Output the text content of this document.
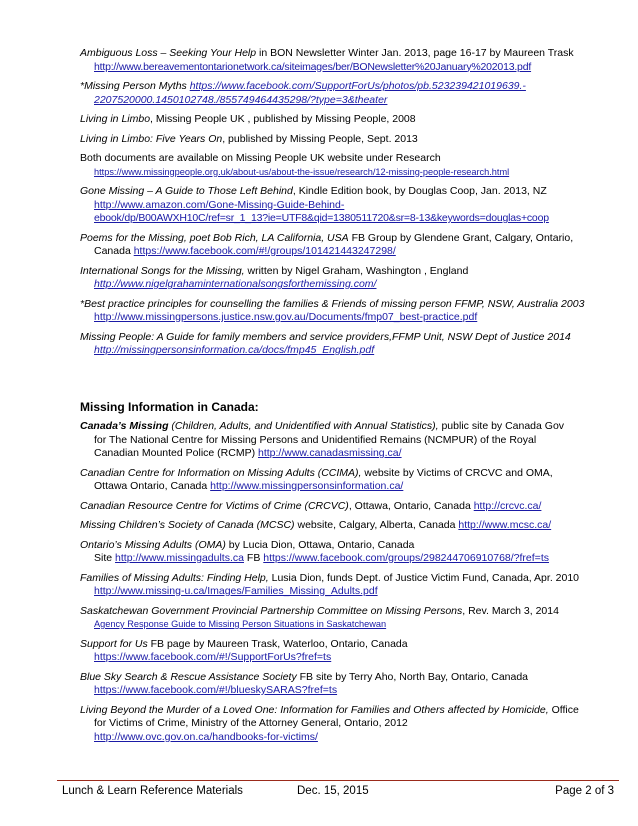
Ambiguous Loss – Seeking Your Help in BON Newsletter Winter Jan. 2013, page 16-17 by Maureen Trask
http://www.bereavementontarionetwork.ca/siteimages/ber/BONewsletter%20January%202013.pdf
*Missing Person Myths https://www.facebook.com/SupportForUs/photos/pb.523239421019639.-
2207520000.1450102748./855749464435298/?type=3&theater
Living in Limbo, Missing People UK , published by Missing People, 2008
Living in Limbo: Five Years On, published by Missing People, Sept. 2013
Both documents are available on Missing People UK website under Research
https://www.missingpeople.org.uk/about-us/about-the-issue/research/12-missing-people-research.html
Gone Missing – A Guide to Those Left Behind, Kindle Edition book, by Douglas Coop, Jan. 2013, NZ
http://www.amazon.com/Gone-Missing-Guide-Behind-
ebook/dp/B00AWXH10C/ref=sr_1_13?ie=UTF8&qid=1380511720&sr=8-13&keywords=douglas+coop
Poems for the Missing, poet Bob Rich, LA California, USA FB Group by Glendene Grant, Calgary, Ontario,
Canada https://www.facebook.com/#!/groups/101421443247298/
International Songs for the Missing, written by Nigel Graham, Washington , England
http://www.nigelgrahaminternationalsongsforthemissing.com/
*Best practice principles for counselling the families & Friends of missing person FFMP, NSW, Australia 2003
http://www.missingpersons.justice.nsw.gov.au/Documents/fmp07_best-practice.pdf
Missing People: A Guide for family members and service providers,FFMP Unit, NSW Dept of Justice 2014
http://missingpersonsinformation.ca/docs/fmp45_English.pdf
Missing Information in Canada:
Canada’s Missing (Children, Adults, and Unidentified with Annual Statistics), public site by Canada Gov
for The National Centre for Missing Persons and Unidentified Remains (NCMPUR) of the Royal
Canadian Mounted Police (RCMP) http://www.canadasmissing.ca/
Canadian Centre for Information on Missing Adults (CCIMA), website by Victims of CRCVC and OMA,
Ottawa Ontario, Canada http://www.missingpersonsinformation.ca/
Canadian Resource Centre for Victims of Crime (CRCVC), Ottawa, Ontario, Canada http://crcvc.ca/
Missing Children’s Society of Canada (MCSC) website, Calgary, Alberta, Canada http://www.mcsc.ca/
Ontario’s Missing Adults (OMA) by Lucia Dion, Ottawa, Ontario, Canada
Site http://www.missingadults.ca FB https://www.facebook.com/groups/298244706910768/?fref=ts
Families of Missing Adults: Finding Help, Lusia Dion, funds Dept. of Justice Victim Fund, Canada, Apr. 2010
http://www.missing-u.ca/Images/Families_Missing_Adults.pdf
Saskatchewan Government Provincial Partnership Committee on Missing Persons, Rev. March 3, 2014
Agency Response Guide to Missing Person Situations in Saskatchewan
Support for Us FB page by Maureen Trask, Waterloo, Ontario, Canada
https://www.facebook.com/#!/SupportForUs?fref=ts
Blue Sky Search & Rescue Assistance Society FB site by Terry Aho, North Bay, Ontario, Canada
https://www.facebook.com/#!/blueskySARAS?fref=ts
Living Beyond the Murder of a Loved One: Information for Families and Others affected by Homicide, Office
for Victims of Crime, Ministry of the Attorney General, Ontario, 2012
http://www.ovc.gov.on.ca/handbooks-for-victims/
Lunch & Learn Reference Materials	Dec. 15, 2015	Page 2 of 3
